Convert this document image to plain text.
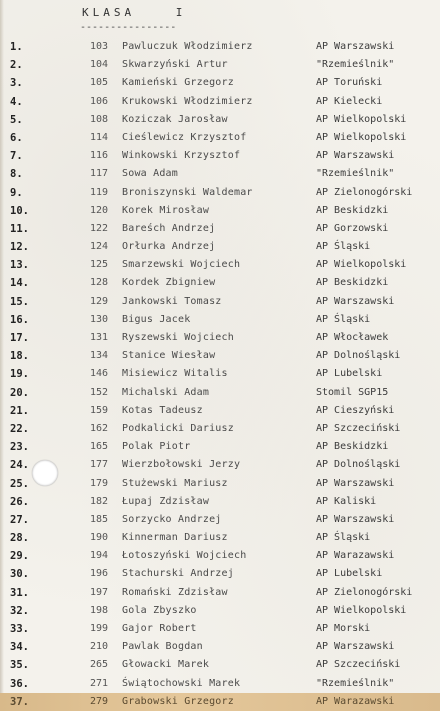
KLASA	I
----------------
1.	103 Pawluczuk Włodzimierz	AP Warszawski
2.	104 Skwarzyński Artur	"Rzemieślnik"
3.	105 Kamieński Grzegorz	AP Toruński
4.	106 Krukowski Włodzimierz	AP Kielecki
5.	108 Koziczak Jarosław	AP Wielkopolski
6.	114 Cieślewicz Krzysztof	AP Wielkopolski
7.	116 Winkowski Krzysztof	AP Warszawski
8.	117 Sowa Adam	"Rzemieślnik"
9.	119 Broniszynski Waldemar	AP Zielonogórski
10.	120 Korek Mirosław	AP Beskidzki
11.	122 Bareśch Andrzej	AP Gorzowski
12.	124 Orłurka Andrzej	AP Śląski
13.	125 Smarzewski Wojciech	AP Wielkopolski
14.	128 Kordek Zbigniew	AP Beskidzki
15.	129 Jankowski Tomasz	AP Warszawski
16.	130 Bigus Jacek	AP Śląski
17.	131 Ryszewski Wojciech	AP Włocławek
18.	134 Stanice Wiesław	AP Dolnośląski
19.	146 Misiewicz Witalis	AP Lubelski
20.	152 Michalski Adam	Stomil SGP15
21.	159 Kotas Tadeusz	AP Cieszyński
22.	162 Podkalicki Dariusz	AP Szczeciński
23.	165 Polak Piotr	AP Beskidzki
24.	177 Wierzbołowski Jerzy	AP Dolnośląski
25.	179 Stużewski Mariusz	AP Warszawski
26.	182 Łupaj Zdzisław	AP Kaliski
27.	185 Sorzycko Andrzej	AP Warszawski
28.	190 Kinnerman Dariusz	AP Śląski
29.	194 Łotoszyński Wojciech	AP Warazawski
30.	196 Stachurski Andrzej	AP Lubelski
31.	197 Romański Zdzisław	AP Zielonogórski
32.	198 Gola Zbyszko	AP Wielkopolski
33.	199 Gajor Robert	AP Morski
34.	210 Pawlak Bogdan	AP Warszawski
35.	265 Głowacki Marek	AP Szczeciński
36.	271 Świątochowski Marek	"Rzemieślnik"
37.	279 Grabowski Grzegorz	AP Warazawski
